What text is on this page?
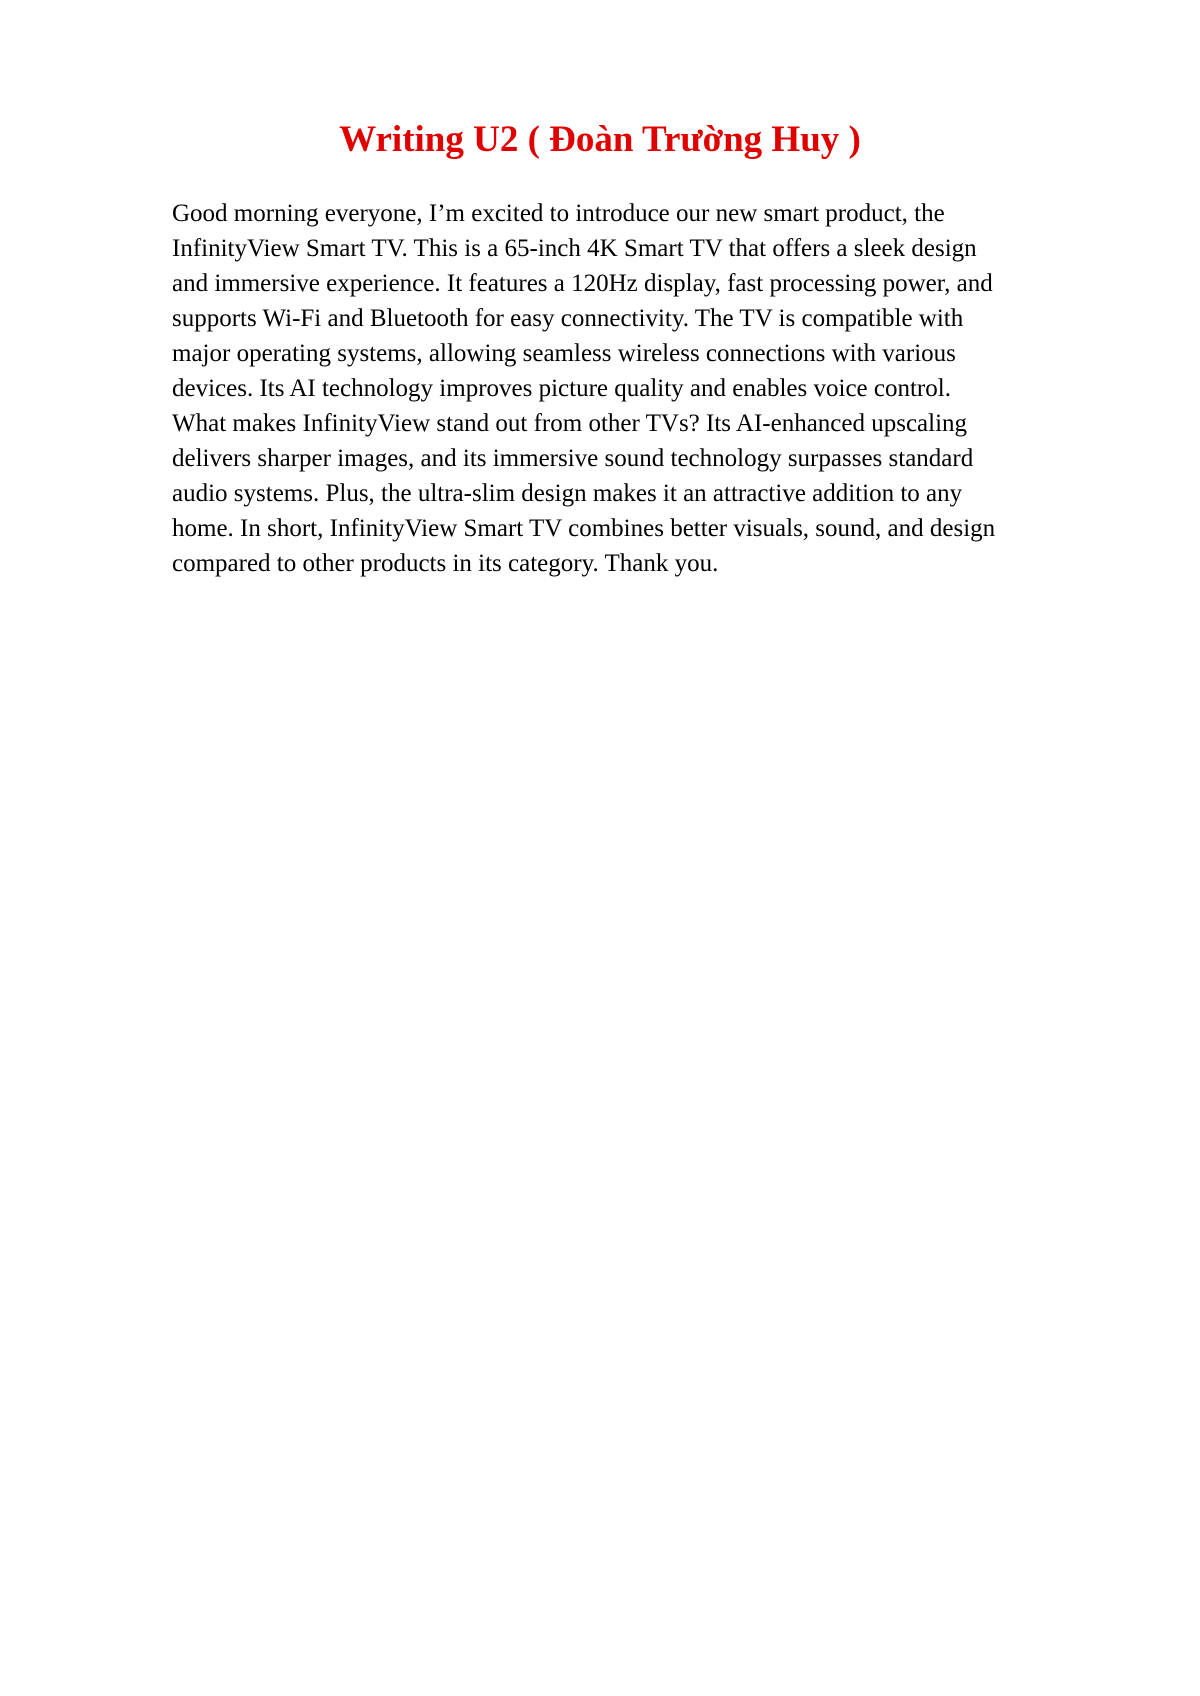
Writing U2 ( Đoàn Trường Huy )

Good morning everyone, I’m excited to introduce our new smart product, the
InfinityView Smart TV. This is a 65-inch 4K Smart TV that offers a sleek design
and immersive experience. It features a 120Hz display, fast processing power, and
supports Wi-Fi and Bluetooth for easy connectivity. The TV is compatible with
major operating systems, allowing seamless wireless connections with various
devices. Its AI technology improves picture quality and enables voice control.
What makes InfinityView stand out from other TVs? Its AI-enhanced upscaling
delivers sharper images, and its immersive sound technology surpasses standard
audio systems. Plus, the ultra-slim design makes it an attractive addition to any
home. In short, InfinityView Smart TV combines better visuals, sound, and design
compared to other products in its category. Thank you.
